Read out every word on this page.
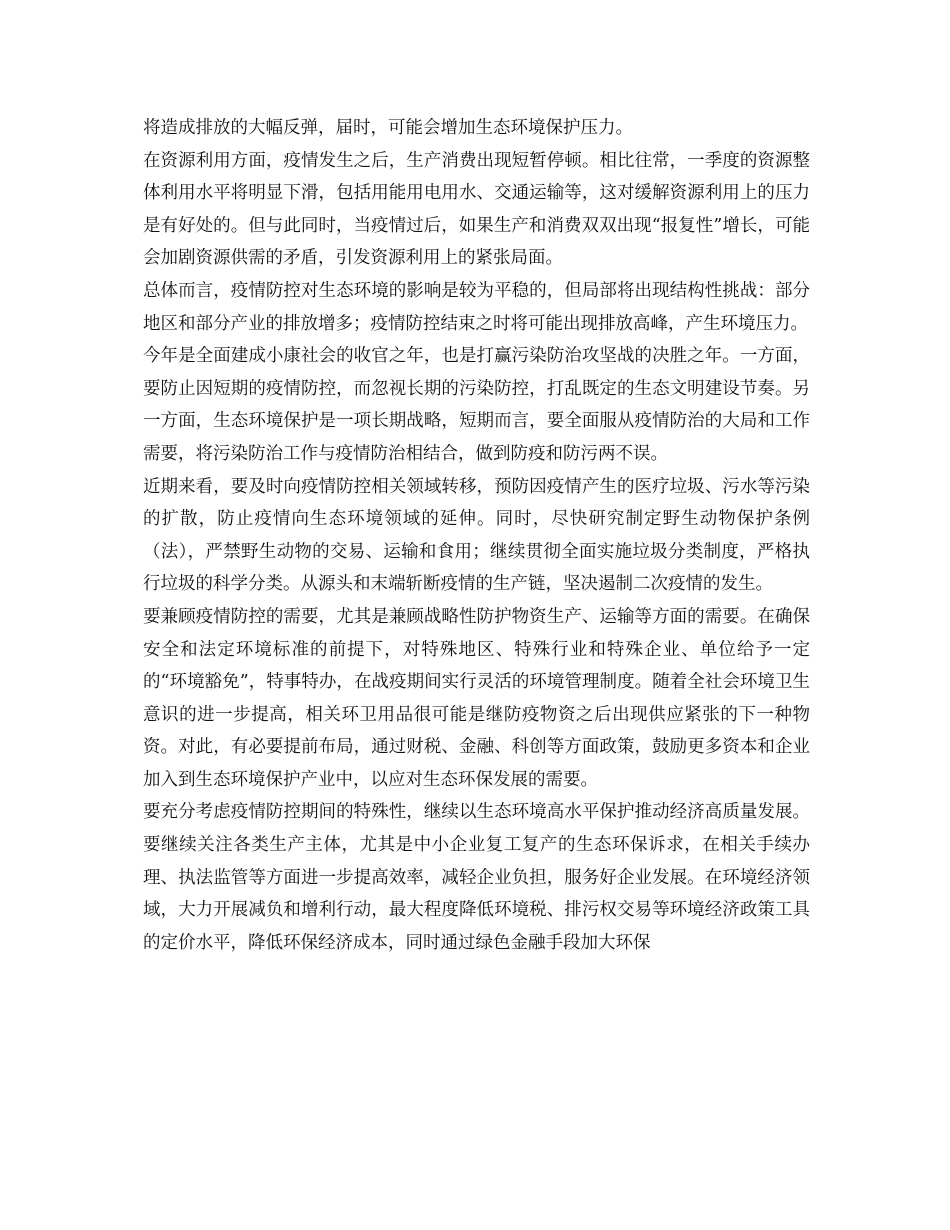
将造成排放的大幅反弹，届时，可能会增加生态环境保护压力。

在资源利用方面，疫情发生之后，生产消费出现短暂停顿。相比往常，一季度的资源整体利用水平将明显下滑，包括用能用电用水、交通运输等，这对缓解资源利用上的压力是有好处的。但与此同时，当疫情过后，如果生产和消费双双出现“报复性”增长，可能会加剧资源供需的矛盾，引发资源利用上的紧张局面。

总体而言，疫情防控对生态环境的影响是较为平稳的，但局部将出现结构性挑战：部分地区和部分产业的排放增多；疫情防控结束之时将可能出现排放高峰，产生环境压力。

今年是全面建成小康社会的收官之年，也是打赢污染防治攻坚战的决胜之年。一方面，要防止因短期的疫情防控，而忽视长期的污染防控，打乱既定的生态文明建设节奏。另一方面，生态环境保护是一项长期战略，短期而言，要全面服从疫情防治的大局和工作需要，将污染防治工作与疫情防治相结合，做到防疫和防污两不误。

近期来看，要及时向疫情防控相关领域转移，预防因疫情产生的医疗垃圾、污水等污染的扩散，防止疫情向生态环境领域的延伸。同时，尽快研究制定野生动物保护条例（法），严禁野生动物的交易、运输和食用；继续贯彻全面实施垃圾分类制度，严格执行垃圾的科学分类。从源头和末端斩断疫情的生产链，坚决遏制二次疫情的发生。

要兼顾疫情防控的需要，尤其是兼顾战略性防护物资生产、运输等方面的需要。在确保安全和法定环境标准的前提下，对特殊地区、特殊行业和特殊企业、单位给予一定的“环境豁免”，特事特办，在战疫期间实行灵活的环境管理制度。随着全社会环境卫生意识的进一步提高，相关环卫用品很可能是继防疫物资之后出现供应紧张的下一种物资。对此，有必要提前布局，通过财税、金融、科创等方面政策，鼓励更多资本和企业加入到生态环境保护产业中，以应对生态环保发展的需要。

要充分考虑疫情防控期间的特殊性，继续以生态环境高水平保护推动经济高质量发展。要继续关注各类生产主体，尤其是中小企业复工复产的生态环保诉求，在相关手续办理、执法监管等方面进一步提高效率，减轻企业负担，服务好企业发展。在环境经济领域，大力开展减负和增利行动，最大程度降低环境税、排污权交易等环境经济政策工具的定价水平，降低环保经济成本，同时通过绿色金融手段加大环保
